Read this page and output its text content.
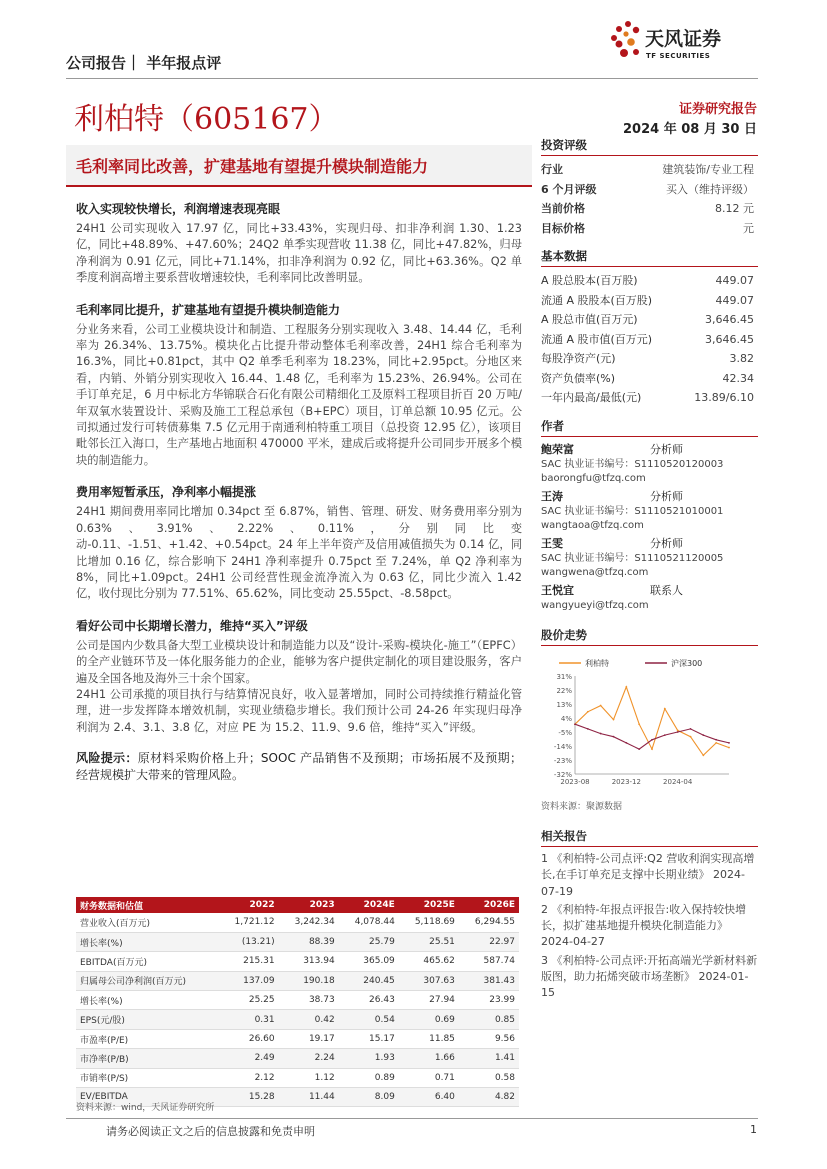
公司报告｜ 半年报点评
天风证券
TF SECURITIES
利柏特（605167）	证券研究报告
2024 年 08 月 30 日
毛利率同比改善，扩建基地有望提升模块制造能力
收入实现较快增长，利润增速表现亮眼
24H1 公司实现收入 17.97 亿，同比+33.43%，实现归母、扣非净利润 1.30、1.23 亿，同比+48.89%、+47.60%；24Q2 单季实现营收 11.38 亿，同比+47.82%，归母净利润为 0.91 亿元，同比+71.14%，扣非净利润为 0.92 亿，同比+63.36%。Q2 单季度利润高增主要系营收增速较快，毛利率同比改善明显。
毛利率同比提升，扩建基地有望提升模块制造能力
分业务来看，公司工业模块设计和制造、工程服务分别实现收入 3.48、14.44 亿，毛利率为 26.34%、13.75%。模块化占比提升带动整体毛利率改善，24H1 综合毛利率为 16.3%，同比+0.81pct，其中 Q2 单季毛利率为 18.23%，同比+2.95pct。分地区来看，内销、外销分别实现收入 16.44、1.48 亿，毛利率为 15.23%、26.94%。公司在手订单充足，6 月中标北方华锦联合石化有限公司精细化工及原料工程项目折百 20 万吨/年双氧水装置设计、采购及施工工程总承包（B+EPC）项目，订单总额 10.95 亿元。公司拟通过发行可转债募集 7.5 亿元用于南通利柏特重工项目（总投资 12.95 亿），该项目毗邻长江入海口，生产基地占地面积 470000 平米，建成后或将提升公司同步开展多个模块的制造能力。
费用率短暂承压，净利率小幅提涨
24H1 期间费用率同比增加 0.34pct 至 6.87%，销售、管理、研发、财务费用率分别为 0.63%、3.91%、2.22%、0.11%，分别同比变动-0.11、-1.51、+1.42、+0.54pct。24 年上半年资产及信用减值损失为 0.14 亿，同比增加 0.16 亿，综合影响下 24H1 净利率提升 0.75pct 至 7.24%，单 Q2 净利率为 8%，同比+1.09pct。24H1 公司经营性现金流净流入为 0.63 亿，同比少流入 1.42 亿，收付现比分别为 77.51%、65.62%，同比变动 25.55pct、-8.58pct。
看好公司中长期增长潜力，维持“买入”评级
公司是国内少数具备大型工业模块设计和制造能力以及“设计-采购-模块化-施工”（EPFC）的全产业链环节及一体化服务能力的企业，能够为客户提供定制化的项目建设服务，客户遍及全国各地及海外三十余个国家。
24H1 公司承揽的项目执行与结算情况良好，收入显著增加，同时公司持续推行精益化管理，进一步发挥降本增效机制，实现业绩稳步增长。我们预计公司 24-26 年实现归母净利润为 2.4、3.1、3.8 亿，对应 PE 为 15.2、11.9、9.6 倍，维持“买入”评级。
风险提示：原材料采购价格上升；SOOC 产品销售不及预期；市场拓展不及预期；经营规模扩大带来的管理风险。
投资评级
行业	建筑装饰/专业工程
6 个月评级	买入（维持评级）
当前价格	8.12 元
目标价格	元
基本数据
A 股总股本(百万股)	449.07
流通 A 股股本(百万股)	449.07
A 股总市值(百万元)	3,646.45
流通 A 股市值(百万元)	3,646.45
每股净资产(元)	3.82
资产负债率(%)	42.34
一年内最高/最低(元)	13.89/6.10
作者
鲍荣富	分析师
SAC 执业证书编号：S1110520120003
baorongfu@tfzq.com
王涛	分析师
SAC 执业证书编号：S1110521010001
wangtaoa@tfzq.com
王雯	分析师
SAC 执业证书编号：S1110521120005
wangwena@tfzq.com
王悦宜	联系人
wangyueyi@tfzq.com
股价走势
31%
22%
13%
4%
-5%
-14%
-23%
-32%
2023-08	2023-12	2024-04
利柏特	沪深300
资料来源：聚源数据
相关报告
1 《利柏特-公司点评:Q2 营收利润实现高增长,在手订单充足支撑中长期业绩》 2024-07-19
2 《利柏特-年报点评报告:收入保持较快增长，拟扩建基地提升模块化制造能力》 2024-04-27
3 《利柏特-公司点评:开拓高端光学新材料新版图，助力拓烯突破市场垄断》 2024-01-15
财务数据和估值	2022	2023	2024E	2025E	2026E
营业收入(百万元)	1,721.12	3,242.34	4,078.44	5,118.69	6,294.55
增长率(%)	(13.21)	88.39	25.79	25.51	22.97
EBITDA(百万元)	215.31	313.94	365.09	465.62	587.74
归属母公司净利润(百万元)	137.09	190.18	240.45	307.63	381.43
增长率(%)	25.25	38.73	26.43	27.94	23.99
EPS(元/股)	0.31	0.42	0.54	0.69	0.85
市盈率(P/E)	26.60	19.17	15.17	11.85	9.56
市净率(P/B)	2.49	2.24	1.93	1.66	1.41
市销率(P/S)	2.12	1.12	0.89	0.71	0.58
EV/EBITDA	15.28	11.44	8.09	6.40	4.82
资料来源：wind，天风证券研究所
请务必阅读正文之后的信息披露和免责申明	1
